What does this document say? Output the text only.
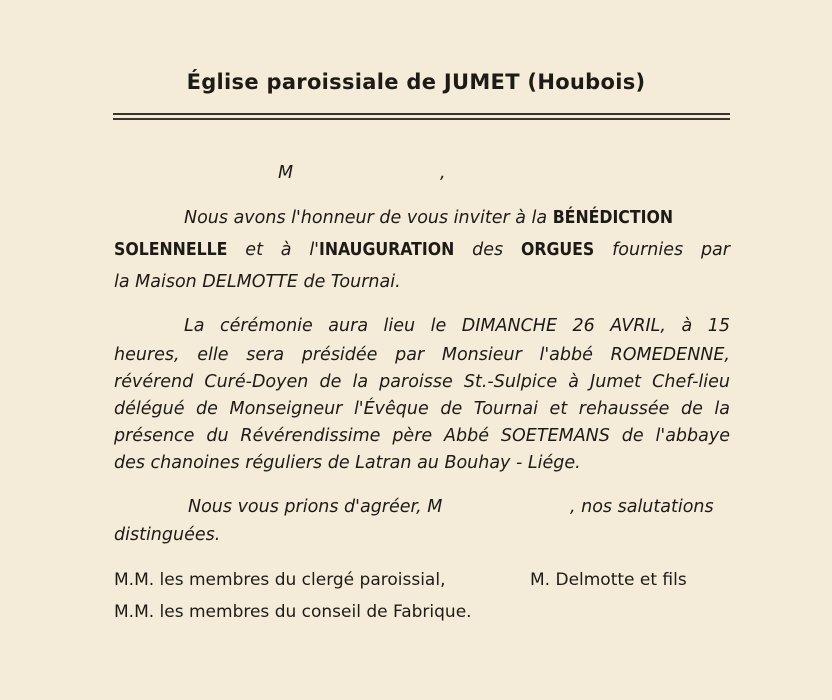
Église paroissiale de JUMET (Houbois)
M	,
Nous avons l'honneur de vous inviter à la BÉNÉDICTION
SOLENNELLE et à l'INAUGURATION des ORGUES fournies par
la Maison DELMOTTE de Tournai.
La cérémonie aura lieu le DIMANCHE 26 AVRIL, à 15
heures, elle sera présidée par Monsieur l'abbé ROMEDENNE,
révérend Curé-Doyen de la paroisse St.-Sulpice à Jumet Chef-lieu
délégué de Monseigneur l'Évêque de Tournai et rehaussée de la
présence du Révérendissime père Abbé SOETEMANS de l'abbaye
des chanoines réguliers de Latran au Bouhay - Liége.
Nous vous prions d'agréer, M	, nos salutations
distinguées.
M.M. les membres du clergé paroissial,	M. Delmotte et fils
M.M. les membres du conseil de Fabrique.
